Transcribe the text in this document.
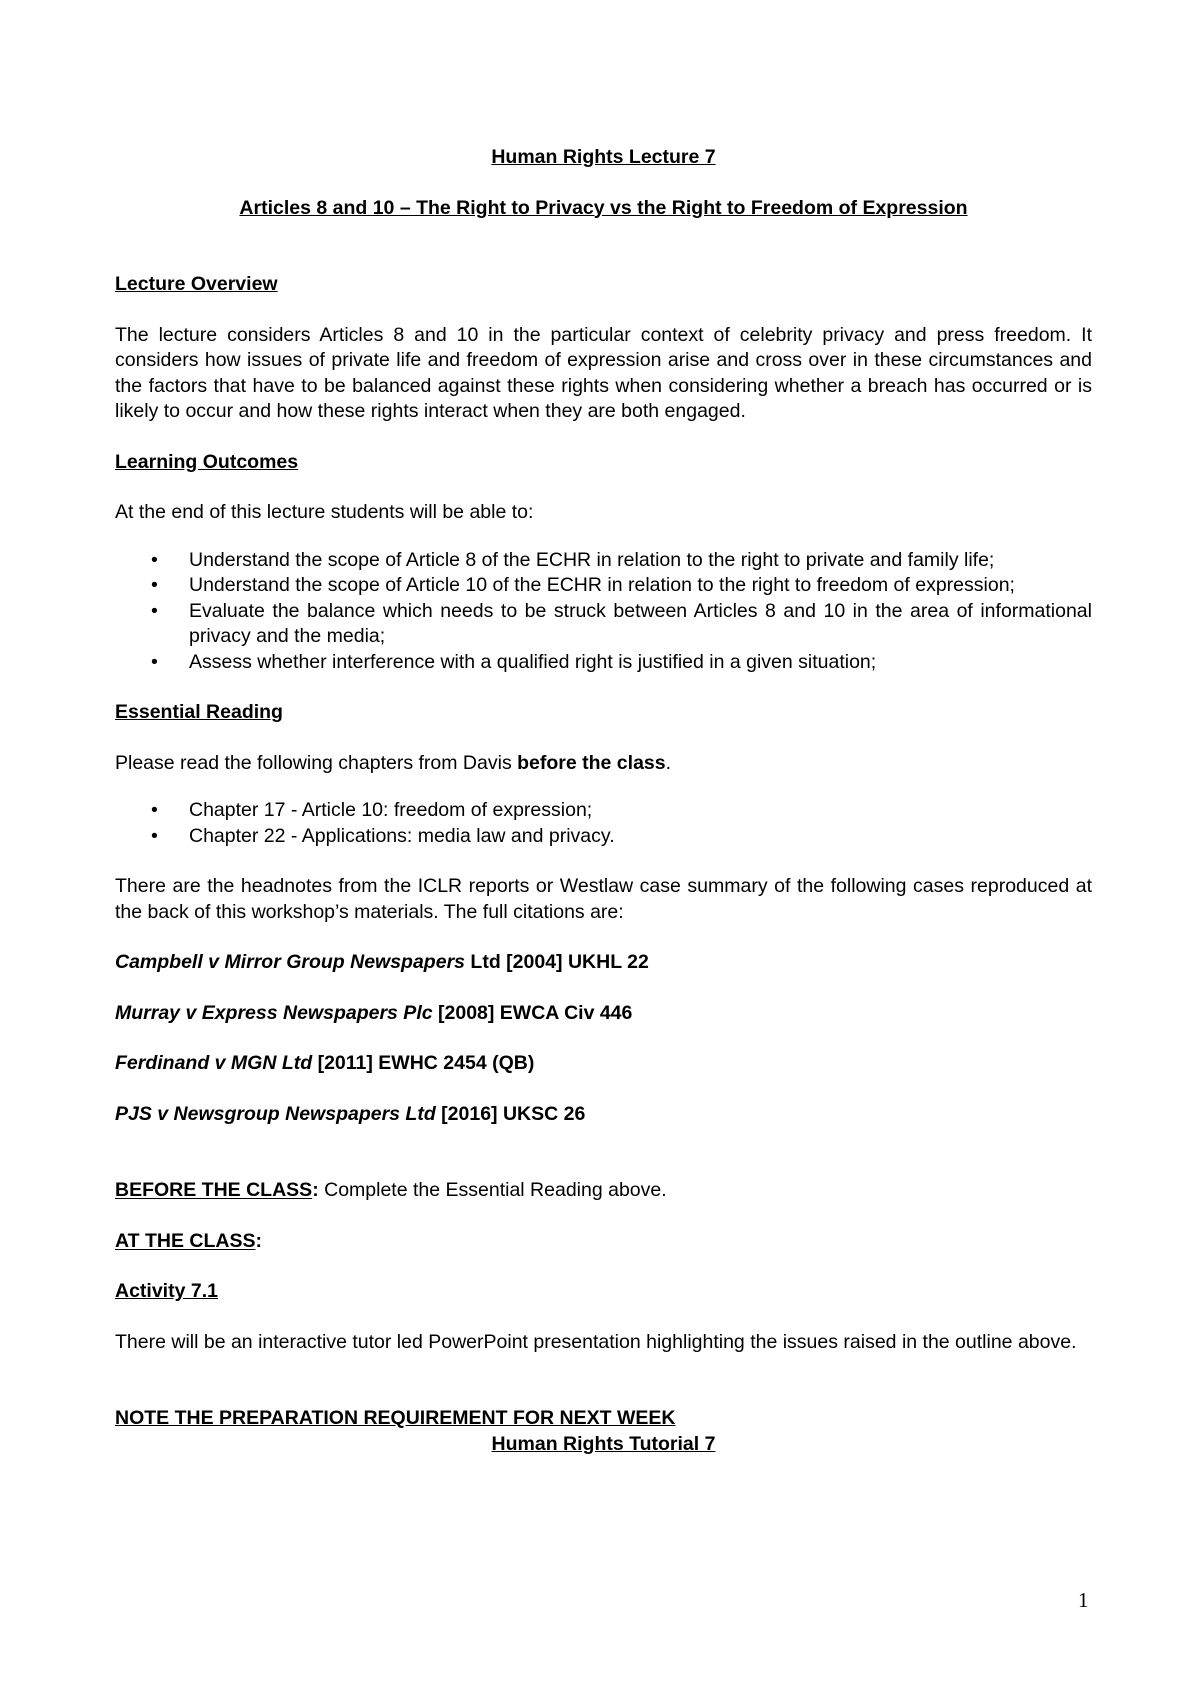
Human Rights Lecture 7

Articles 8 and 10 – The Right to Privacy vs the Right to Freedom of Expression

Lecture Overview

The lecture considers Articles 8 and 10 in the particular context of celebrity privacy and press freedom. It considers how issues of private life and freedom of expression arise and cross over in these circumstances and the factors that have to be balanced against these rights when considering whether a breach has occurred or is likely to occur and how these rights interact when they are both engaged.

Learning Outcomes

At the end of this lecture students will be able to:

• Understand the scope of Article 8 of the ECHR in relation to the right to private and family life;
• Understand the scope of Article 10 of the ECHR in relation to the right to freedom of expression;
• Evaluate the balance which needs to be struck between Articles 8 and 10 in the area of informational privacy and the media;
• Assess whether interference with a qualified right is justified in a given situation;

Essential Reading

Please read the following chapters from Davis before the class.

• Chapter 17 - Article 10: freedom of expression;
• Chapter 22 - Applications: media law and privacy.

There are the headnotes from the ICLR reports or Westlaw case summary of the following cases reproduced at the back of this workshop’s materials. The full citations are:

Campbell v Mirror Group Newspapers Ltd [2004] UKHL 22

Murray v Express Newspapers Plc [2008] EWCA Civ 446

Ferdinand v MGN Ltd [2011] EWHC 2454 (QB)

PJS v Newsgroup Newspapers Ltd [2016] UKSC 26

BEFORE THE CLASS: Complete the Essential Reading above.

AT THE CLASS:

Activity 7.1

There will be an interactive tutor led PowerPoint presentation highlighting the issues raised in the outline above.

NOTE THE PREPARATION REQUIREMENT FOR NEXT WEEK

Human Rights Tutorial 7

1
